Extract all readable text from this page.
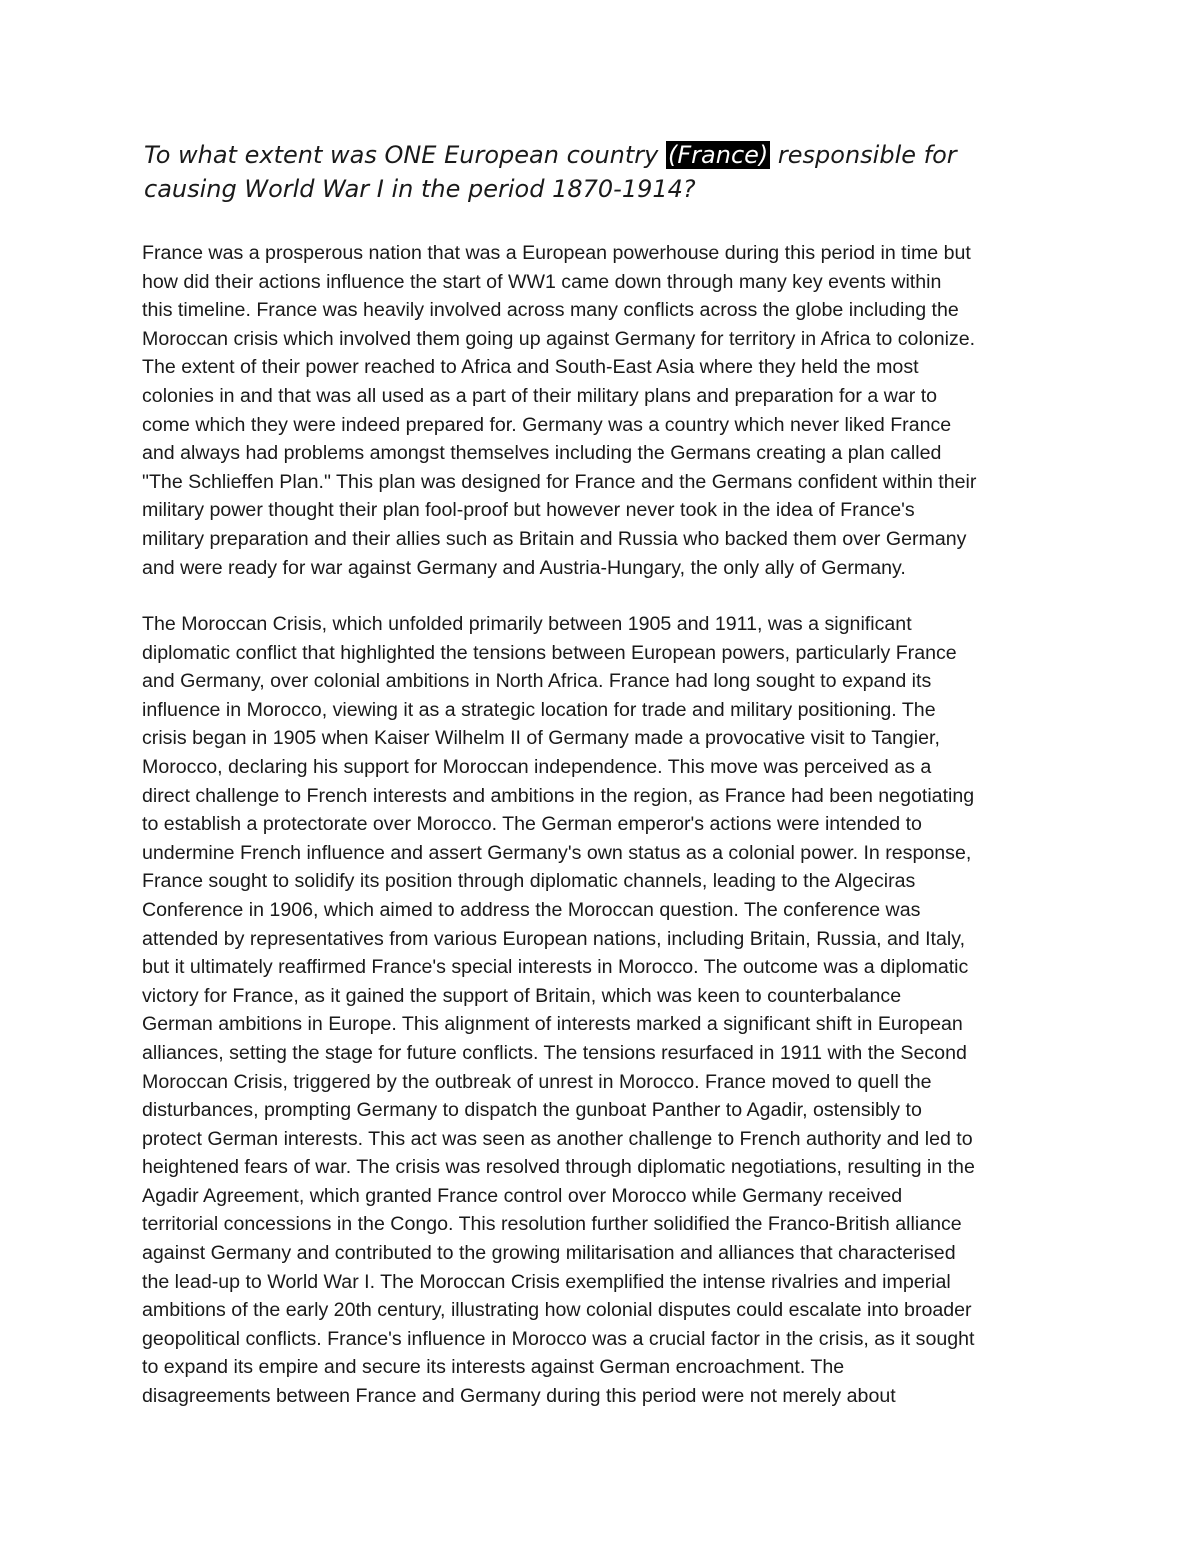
To what extent was ONE European country (France) responsible for
causing World War I in the period 1870-1914?

France was a prosperous nation that was a European powerhouse during this period in time but
how did their actions influence the start of WW1 came down through many key events within
this timeline. France was heavily involved across many conflicts across the globe including the
Moroccan crisis which involved them going up against Germany for territory in Africa to colonize.
The extent of their power reached to Africa and South-East Asia where they held the most
colonies in and that was all used as a part of their military plans and preparation for a war to
come which they were indeed prepared for. Germany was a country which never liked France
and always had problems amongst themselves including the Germans creating a plan called
"The Schlieffen Plan." This plan was designed for France and the Germans confident within their
military power thought their plan fool-proof but however never took in the idea of France's
military preparation and their allies such as Britain and Russia who backed them over Germany
and were ready for war against Germany and Austria-Hungary, the only ally of Germany.

The Moroccan Crisis, which unfolded primarily between 1905 and 1911, was a significant
diplomatic conflict that highlighted the tensions between European powers, particularly France
and Germany, over colonial ambitions in North Africa. France had long sought to expand its
influence in Morocco, viewing it as a strategic location for trade and military positioning. The
crisis began in 1905 when Kaiser Wilhelm II of Germany made a provocative visit to Tangier,
Morocco, declaring his support for Moroccan independence. This move was perceived as a
direct challenge to French interests and ambitions in the region, as France had been negotiating
to establish a protectorate over Morocco. The German emperor's actions were intended to
undermine French influence and assert Germany's own status as a colonial power. In response,
France sought to solidify its position through diplomatic channels, leading to the Algeciras
Conference in 1906, which aimed to address the Moroccan question. The conference was
attended by representatives from various European nations, including Britain, Russia, and Italy,
but it ultimately reaffirmed France's special interests in Morocco. The outcome was a diplomatic
victory for France, as it gained the support of Britain, which was keen to counterbalance
German ambitions in Europe. This alignment of interests marked a significant shift in European
alliances, setting the stage for future conflicts. The tensions resurfaced in 1911 with the Second
Moroccan Crisis, triggered by the outbreak of unrest in Morocco. France moved to quell the
disturbances, prompting Germany to dispatch the gunboat Panther to Agadir, ostensibly to
protect German interests. This act was seen as another challenge to French authority and led to
heightened fears of war. The crisis was resolved through diplomatic negotiations, resulting in the
Agadir Agreement, which granted France control over Morocco while Germany received
territorial concessions in the Congo. This resolution further solidified the Franco-British alliance
against Germany and contributed to the growing militarisation and alliances that characterised
the lead-up to World War I. The Moroccan Crisis exemplified the intense rivalries and imperial
ambitions of the early 20th century, illustrating how colonial disputes could escalate into broader
geopolitical conflicts. France's influence in Morocco was a crucial factor in the crisis, as it sought
to expand its empire and secure its interests against German encroachment. The
disagreements between France and Germany during this period were not merely about
